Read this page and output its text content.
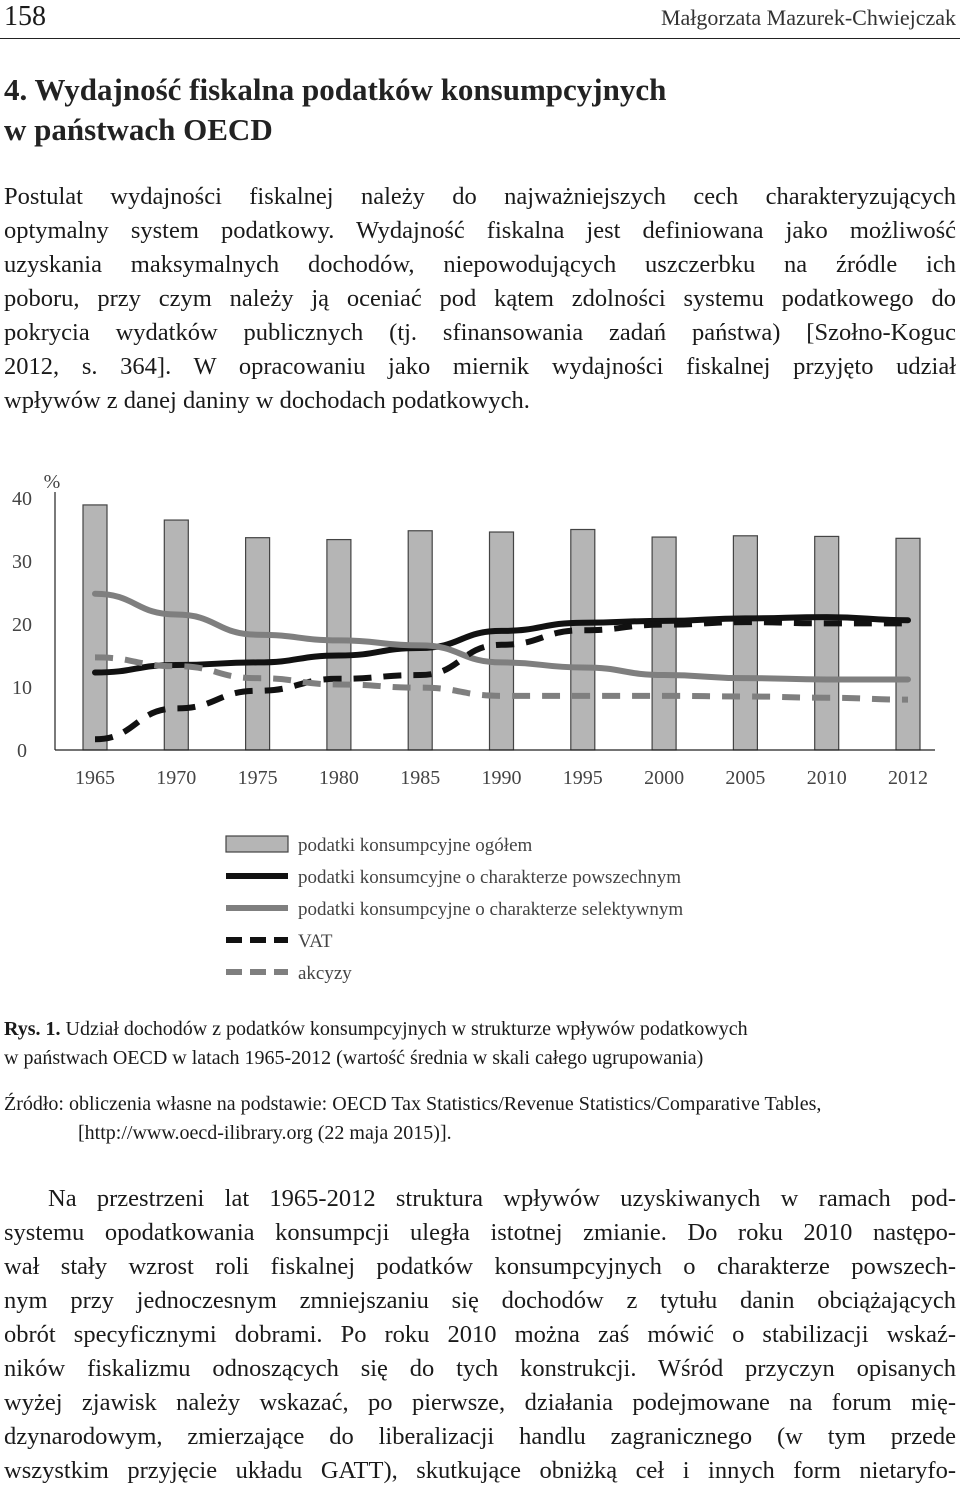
158	Małgorzata Mazurek-Chwiejczak
4. Wydajność fiskalna podatków konsumpcyjnych
w państwach OECD
Postulat wydajności fiskalnej należy do najważniejszych cech charakteryzujących
optymalny system podatkowy. Wydajność fiskalna jest definiowana jako możliwość
uzyskania maksymalnych dochodów, niepowodujących uszczerbku na źródle ich
poboru, przy czym należy ją oceniać pod kątem zdolności systemu podatkowego do
pokrycia wydatków publicznych (tj. sfinansowania zadań państwa) [Szołno-Koguc
2012, s. 364]. W opracowaniu jako miernik wydajności fiskalnej przyjęto udział
wpływów z danej daniny w dochodach podatkowych.
0
10
20
30
40
%
1965 1970 1975 1980 1985 1990 1995 2000 2005 2010 2012
podatki konsumpcyjne ogółem
podatki konsumcyjne o charakterze powszechnym
podatki konsumpcyjne o charakterze selektywnym
VAT
akcyzy
Rys. 1. Udział dochodów z podatków konsumpcyjnych w strukturze wpływów podatkowych
w państwach OECD w latach 1965-2012 (wartość średnia w skali całego ugrupowania)
Źródło: obliczenia własne na podstawie: OECD Tax Statistics/Revenue Statistics/Comparative Tables,
[http://www.oecd-ilibrary.org (22 maja 2015)].
Na przestrzeni lat 1965-2012 struktura wpływów uzyskiwanych w ramach pod-
systemu opodatkowania konsumpcji uległa istotnej zmianie. Do roku 2010 następo-
wał stały wzrost roli fiskalnej podatków konsumpcyjnych o charakterze powszech-
nym przy jednoczesnym zmniejszaniu się dochodów z tytułu danin obciążających
obrót specyficznymi dobrami. Po roku 2010 można zaś mówić o stabilizacji wskaź-
ników fiskalizmu odnoszących się do tych konstrukcji. Wśród przyczyn opisanych
wyżej zjawisk należy wskazać, po pierwsze, działania podejmowane na forum mię-
dzynarodowym, zmierzające do liberalizacji handlu zagranicznego (w tym przede
wszystkim przyjęcie układu GATT), skutkujące obniżką ceł i innych form nietaryfo-
